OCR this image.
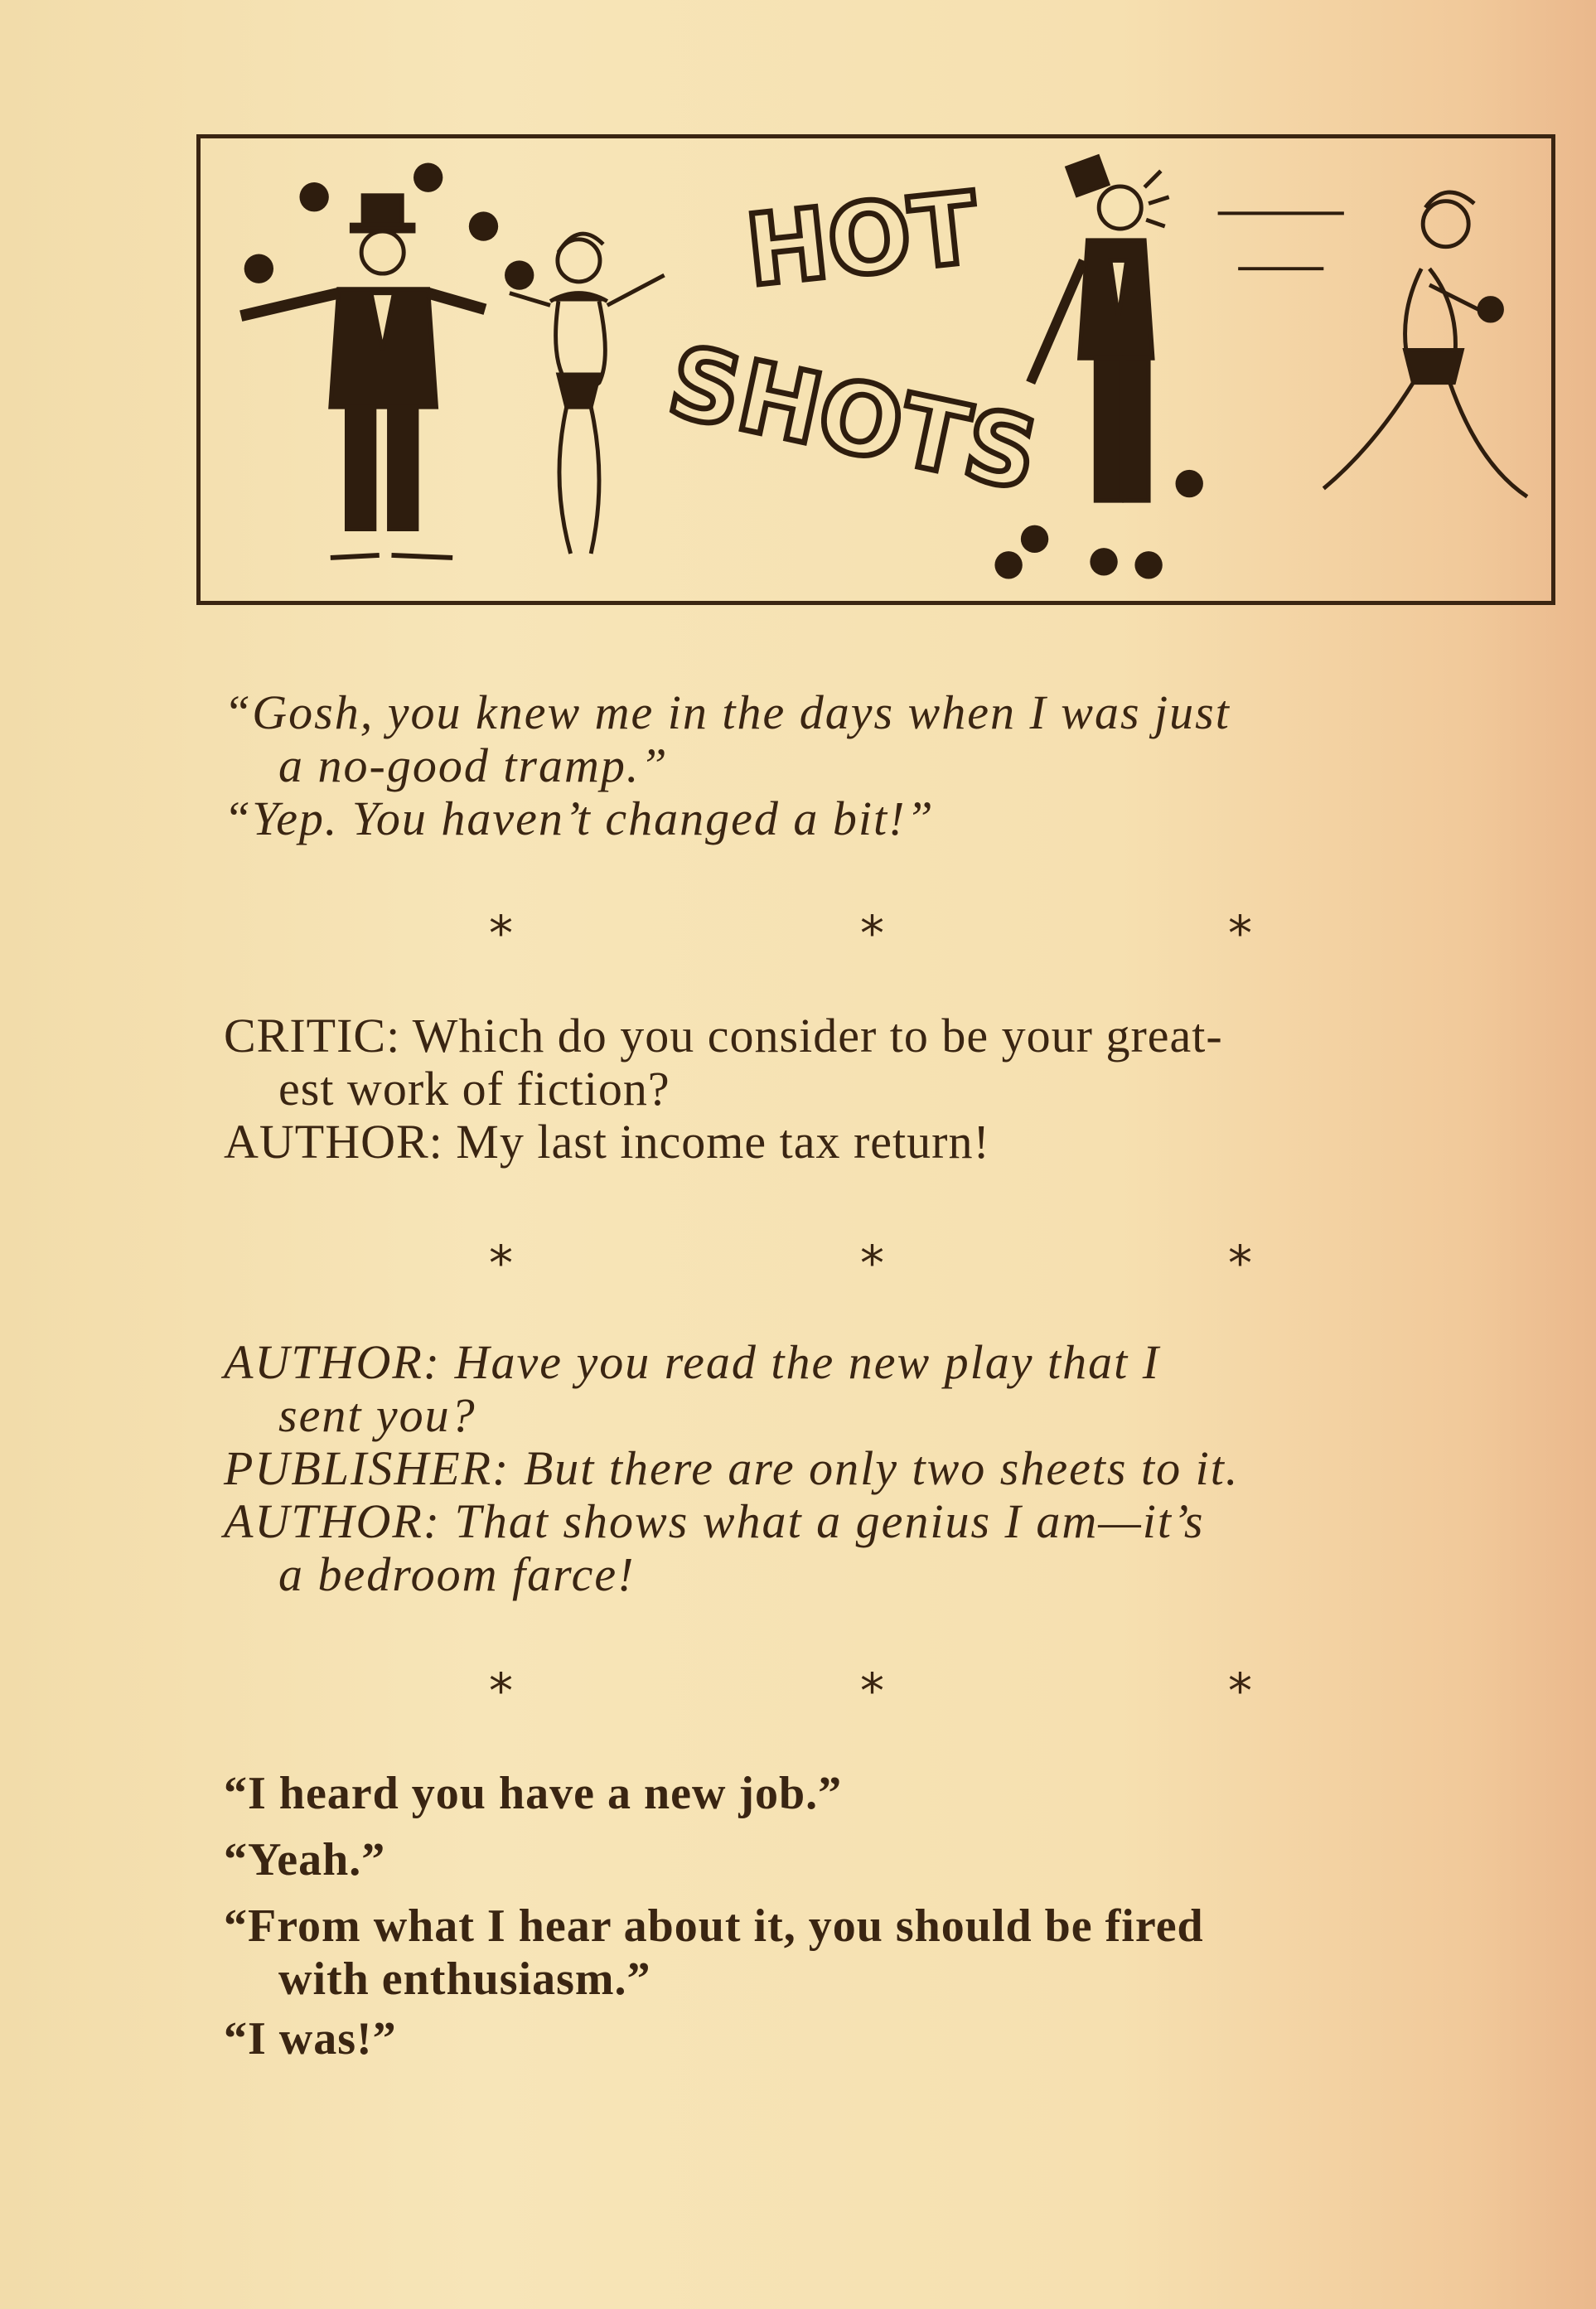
HOT
SHOTS
“Gosh, you knew me in the days when I was just
a no-good tramp.”
“Yep. You haven’t changed a bit!”
*	*	*
CRITIC: Which do you consider to be your great-
est work of fiction?
AUTHOR: My last income tax return!
*	*	*
AUTHOR: Have you read the new play that I
sent you?
PUBLISHER: But there are only two sheets to it.
AUTHOR: That shows what a genius I am—it’s
a bedroom farce!
*	*	*
“I heard you have a new job.”
“Yeah.”
“From what I hear about it, you should be fired
with enthusiasm.”
“I was!”
